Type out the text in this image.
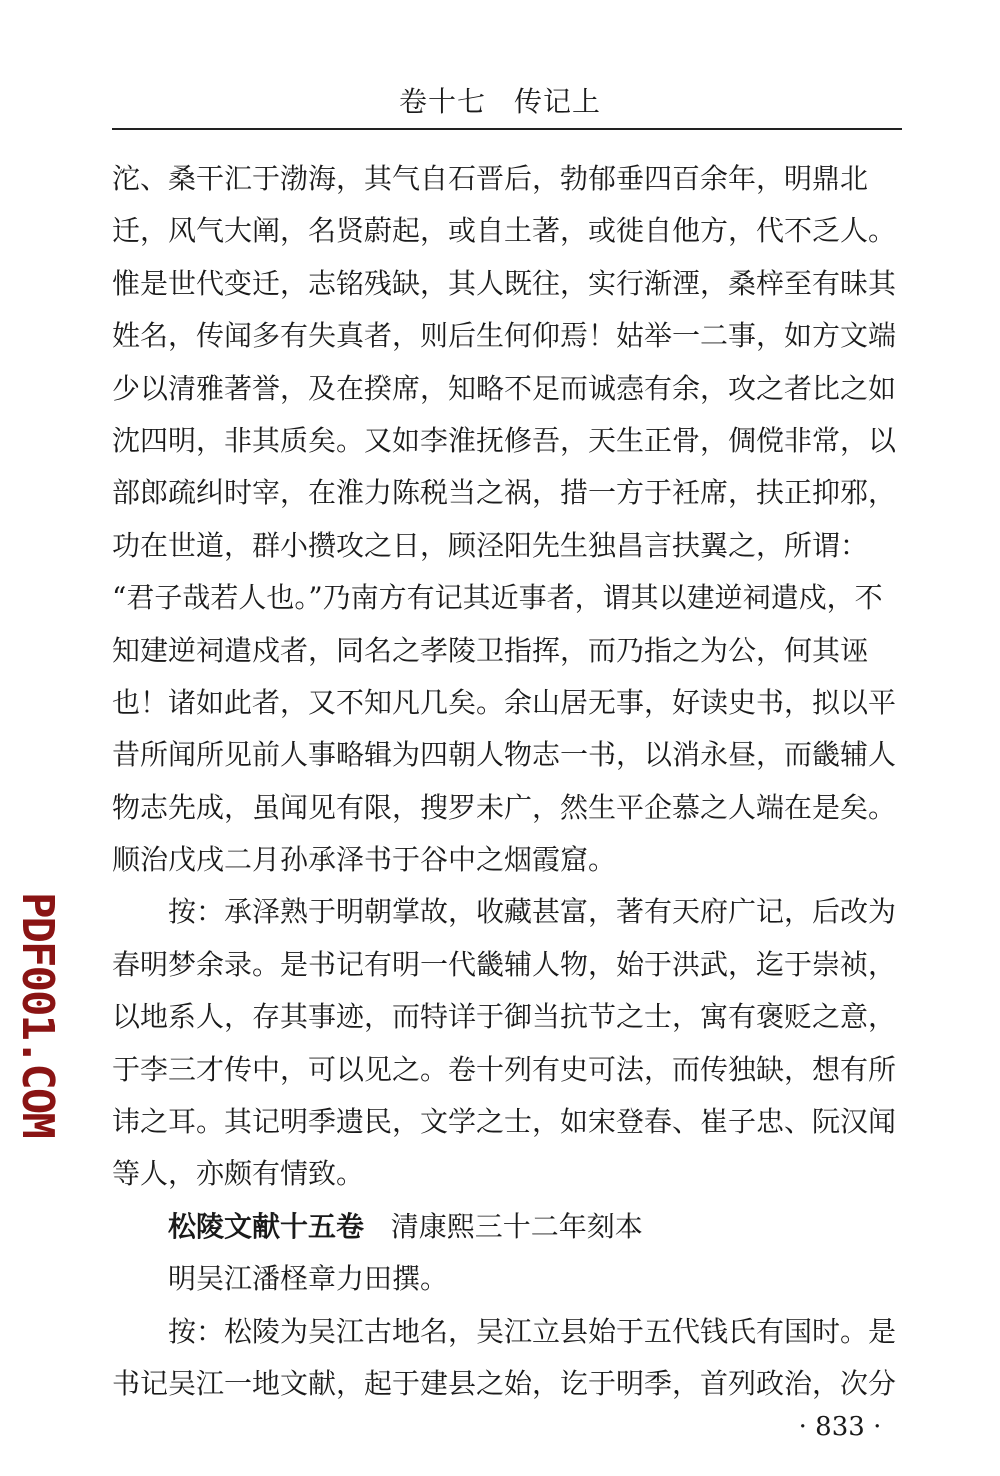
卷十七 传记上
沱、桑干汇于渤海，其气自石晋后，勃郁垂四百余年，明鼎北
迁，风气大阐，名贤蔚起，或自土著，或徙自他方，代不乏人。
惟是世代变迁，志铭残缺，其人既往，实行渐湮，桑梓至有昧其
姓名，传闻多有失真者，则后生何仰焉！姑举一二事，如方文端
少以清雅著誉，及在揆席，知略不足而诚悫有余，攻之者比之如
沈四明，非其质矣。又如李淮抚修吾，天生正骨，倜傥非常，以
部郎疏纠时宰，在淮力陈税当之祸，措一方于衽席，扶正抑邪，
功在世道，群小攒攻之日，顾泾阳先生独昌言扶翼之，所谓：
“君子哉若人也。”乃南方有记其近事者，谓其以建逆祠遣戍，不
知建逆祠遣戍者，同名之孝陵卫指挥，而乃指之为公，何其诬
也！诸如此者，又不知凡几矣。余山居无事，好读史书，拟以平
昔所闻所见前人事略辑为四朝人物志一书，以消永昼，而畿辅人
物志先成，虽闻见有限，搜罗未广，然生平企慕之人端在是矣。
顺治戊戌二月孙承泽书于谷中之烟霞窟。
按：承泽熟于明朝掌故，收藏甚富，著有天府广记，后改为
春明梦余录。是书记有明一代畿辅人物，始于洪武，迄于崇祯，
以地系人，存其事迹，而特详于御当抗节之士，寓有褒贬之意，
于李三才传中，可以见之。卷十列有史可法，而传独缺，想有所
讳之耳。其记明季遗民，文学之士，如宋登春、崔子忠、阮汉闻
等人，亦颇有情致。
松陵文献十五卷 清康熙三十二年刻本
明吴江潘柽章力田撰。
按：松陵为吴江古地名，吴江立县始于五代钱氏有国时。是
书记吴江一地文献，起于建县之始，讫于明季，首列政治，次分
PDF001.COM
· 833 ·
